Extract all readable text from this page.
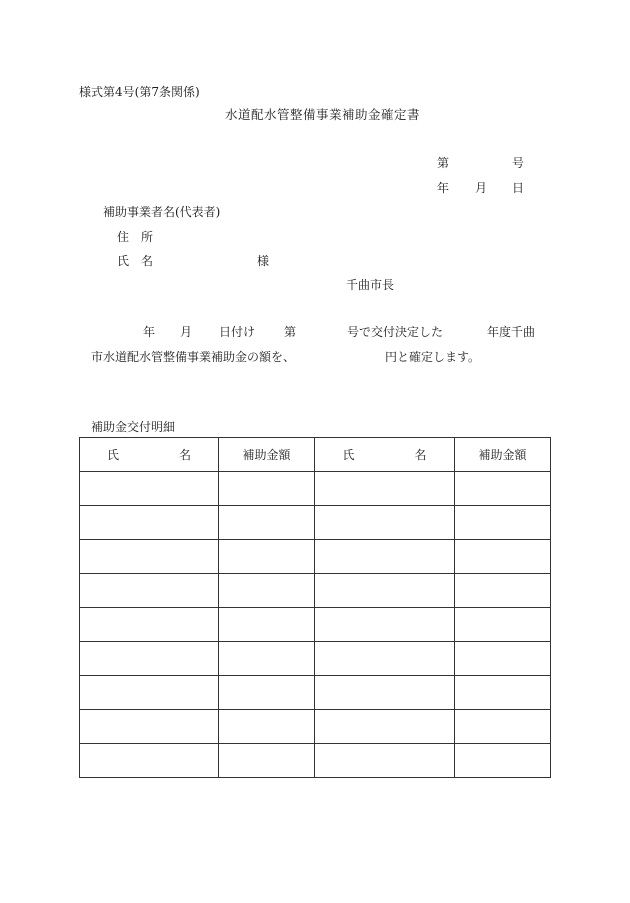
様式第4号(第7条関係)
水道配水管整備事業補助金確定書
第	号
年 月 日
補助事業者名(代表者)
住 所
氏 名	様
千曲市長
年 月 日付け 第	号で交付決定した	年度千曲
市水道配水管整備事業補助金の額を、	円と確定します。
補助金交付明細
氏　　　　　名	補助金額	氏　　　　　名	補助金額
